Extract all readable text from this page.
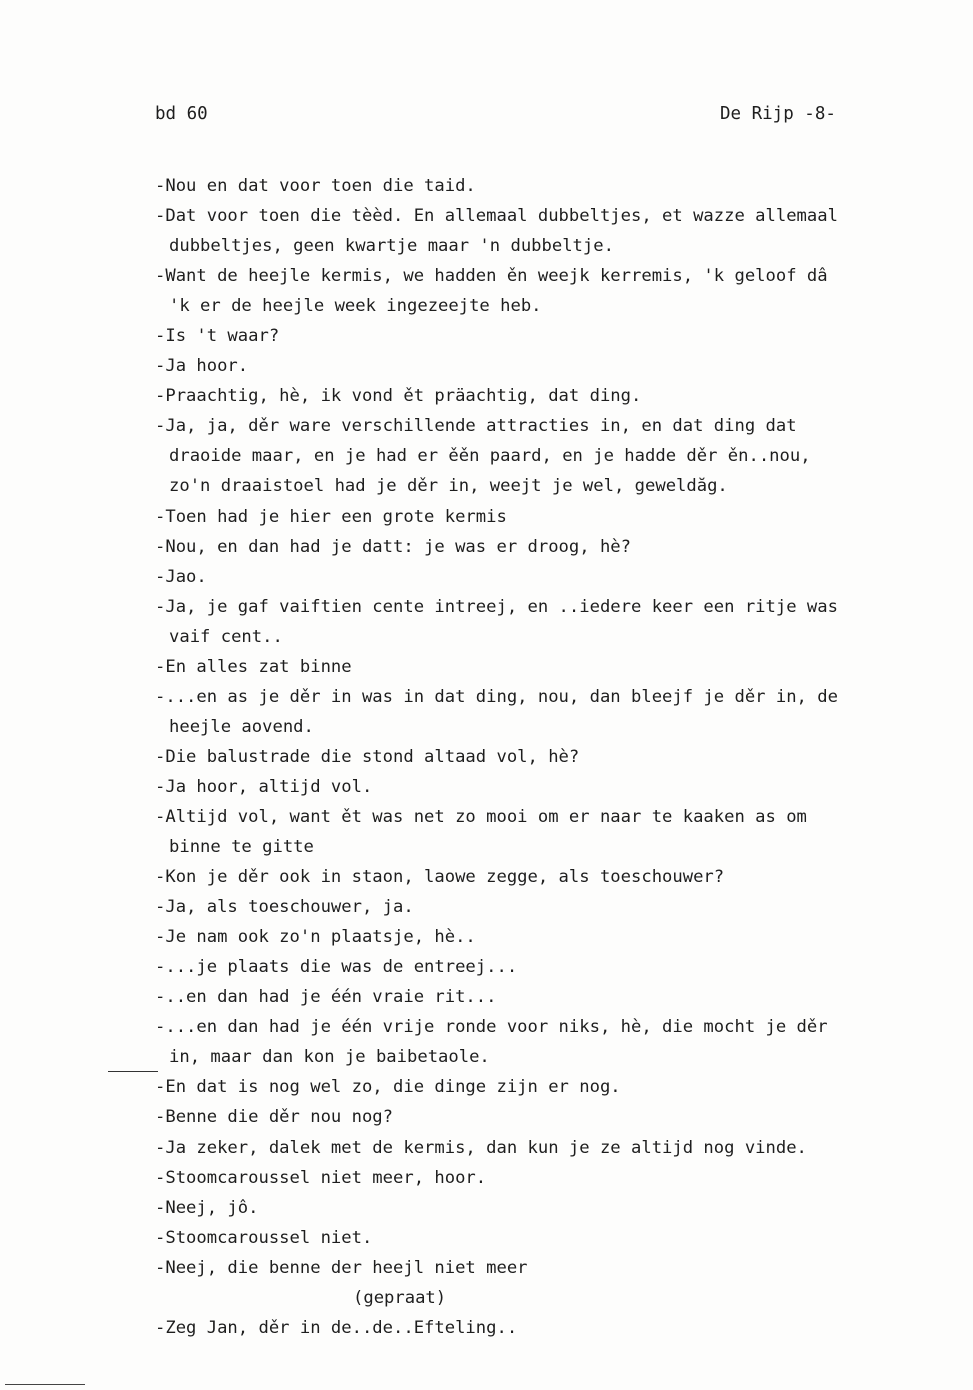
bd 60	De Rijp -8-
-Nou en dat voor toen die taid.
-Dat voor toen die tèèd. En allemaal dubbeltjes, et wazze allemaal
dubbeltjes, geen kwartje maar 'n dubbeltje.
-Want de heejle kermis, we hadden ěn weejk kerremis, 'k geloof dâ
'k er de heejle week ingezeejte heb.
-Is 't waar?
-Ja hoor.
-Praachtig, hè, ik vond ět präachtig, dat ding.
-Ja, ja, děr ware verschillende attracties in, en dat ding dat
draoide maar, en je had er ěěn paard, en je hadde děr ěn..nou,
zo'n draaistoel had je děr in, weejt je wel, geweldăg.
-Toen had je hier een grote kermis
-Nou, en dan had je datt: je was er droog, hè?
-Jao.
-Ja, je gaf vaiftien cente intreej, en ..iedere keer een ritje was
vaif cent..
-En alles zat binne
-...en as je děr in was in dat ding, nou, dan bleejf je děr in, de
heejle aovend.
-Die balustrade die stond altaad vol, hè?
-Ja hoor, altijd vol.
-Altijd vol, want ět was net zo mooi om er naar te kaaken as om
binne te gitte
-Kon je děr ook in staon, laowe zegge, als toeschouwer?
-Ja, als toeschouwer, ja.
-Je nam ook zo'n plaatsje, hè..
-...je plaats die was de entreej...
-..en dan had je één vraie rit...
-...en dan had je één vrije ronde voor niks, hè, die mocht je děr
in, maar dan kon je baibetaole.
-En dat is nog wel zo, die dinge zijn er nog.
-Benne die děr nou nog?
-Ja zeker, dalek met de kermis, dan kun je ze altijd nog vinde.
-Stoomcaroussel niet meer, hoor.
-Neej, jô.
-Stoomcaroussel niet.
-Neej, die benne der heejl niet meer
(gepraat)
-Zeg Jan, děr in de..de..Efteling..
